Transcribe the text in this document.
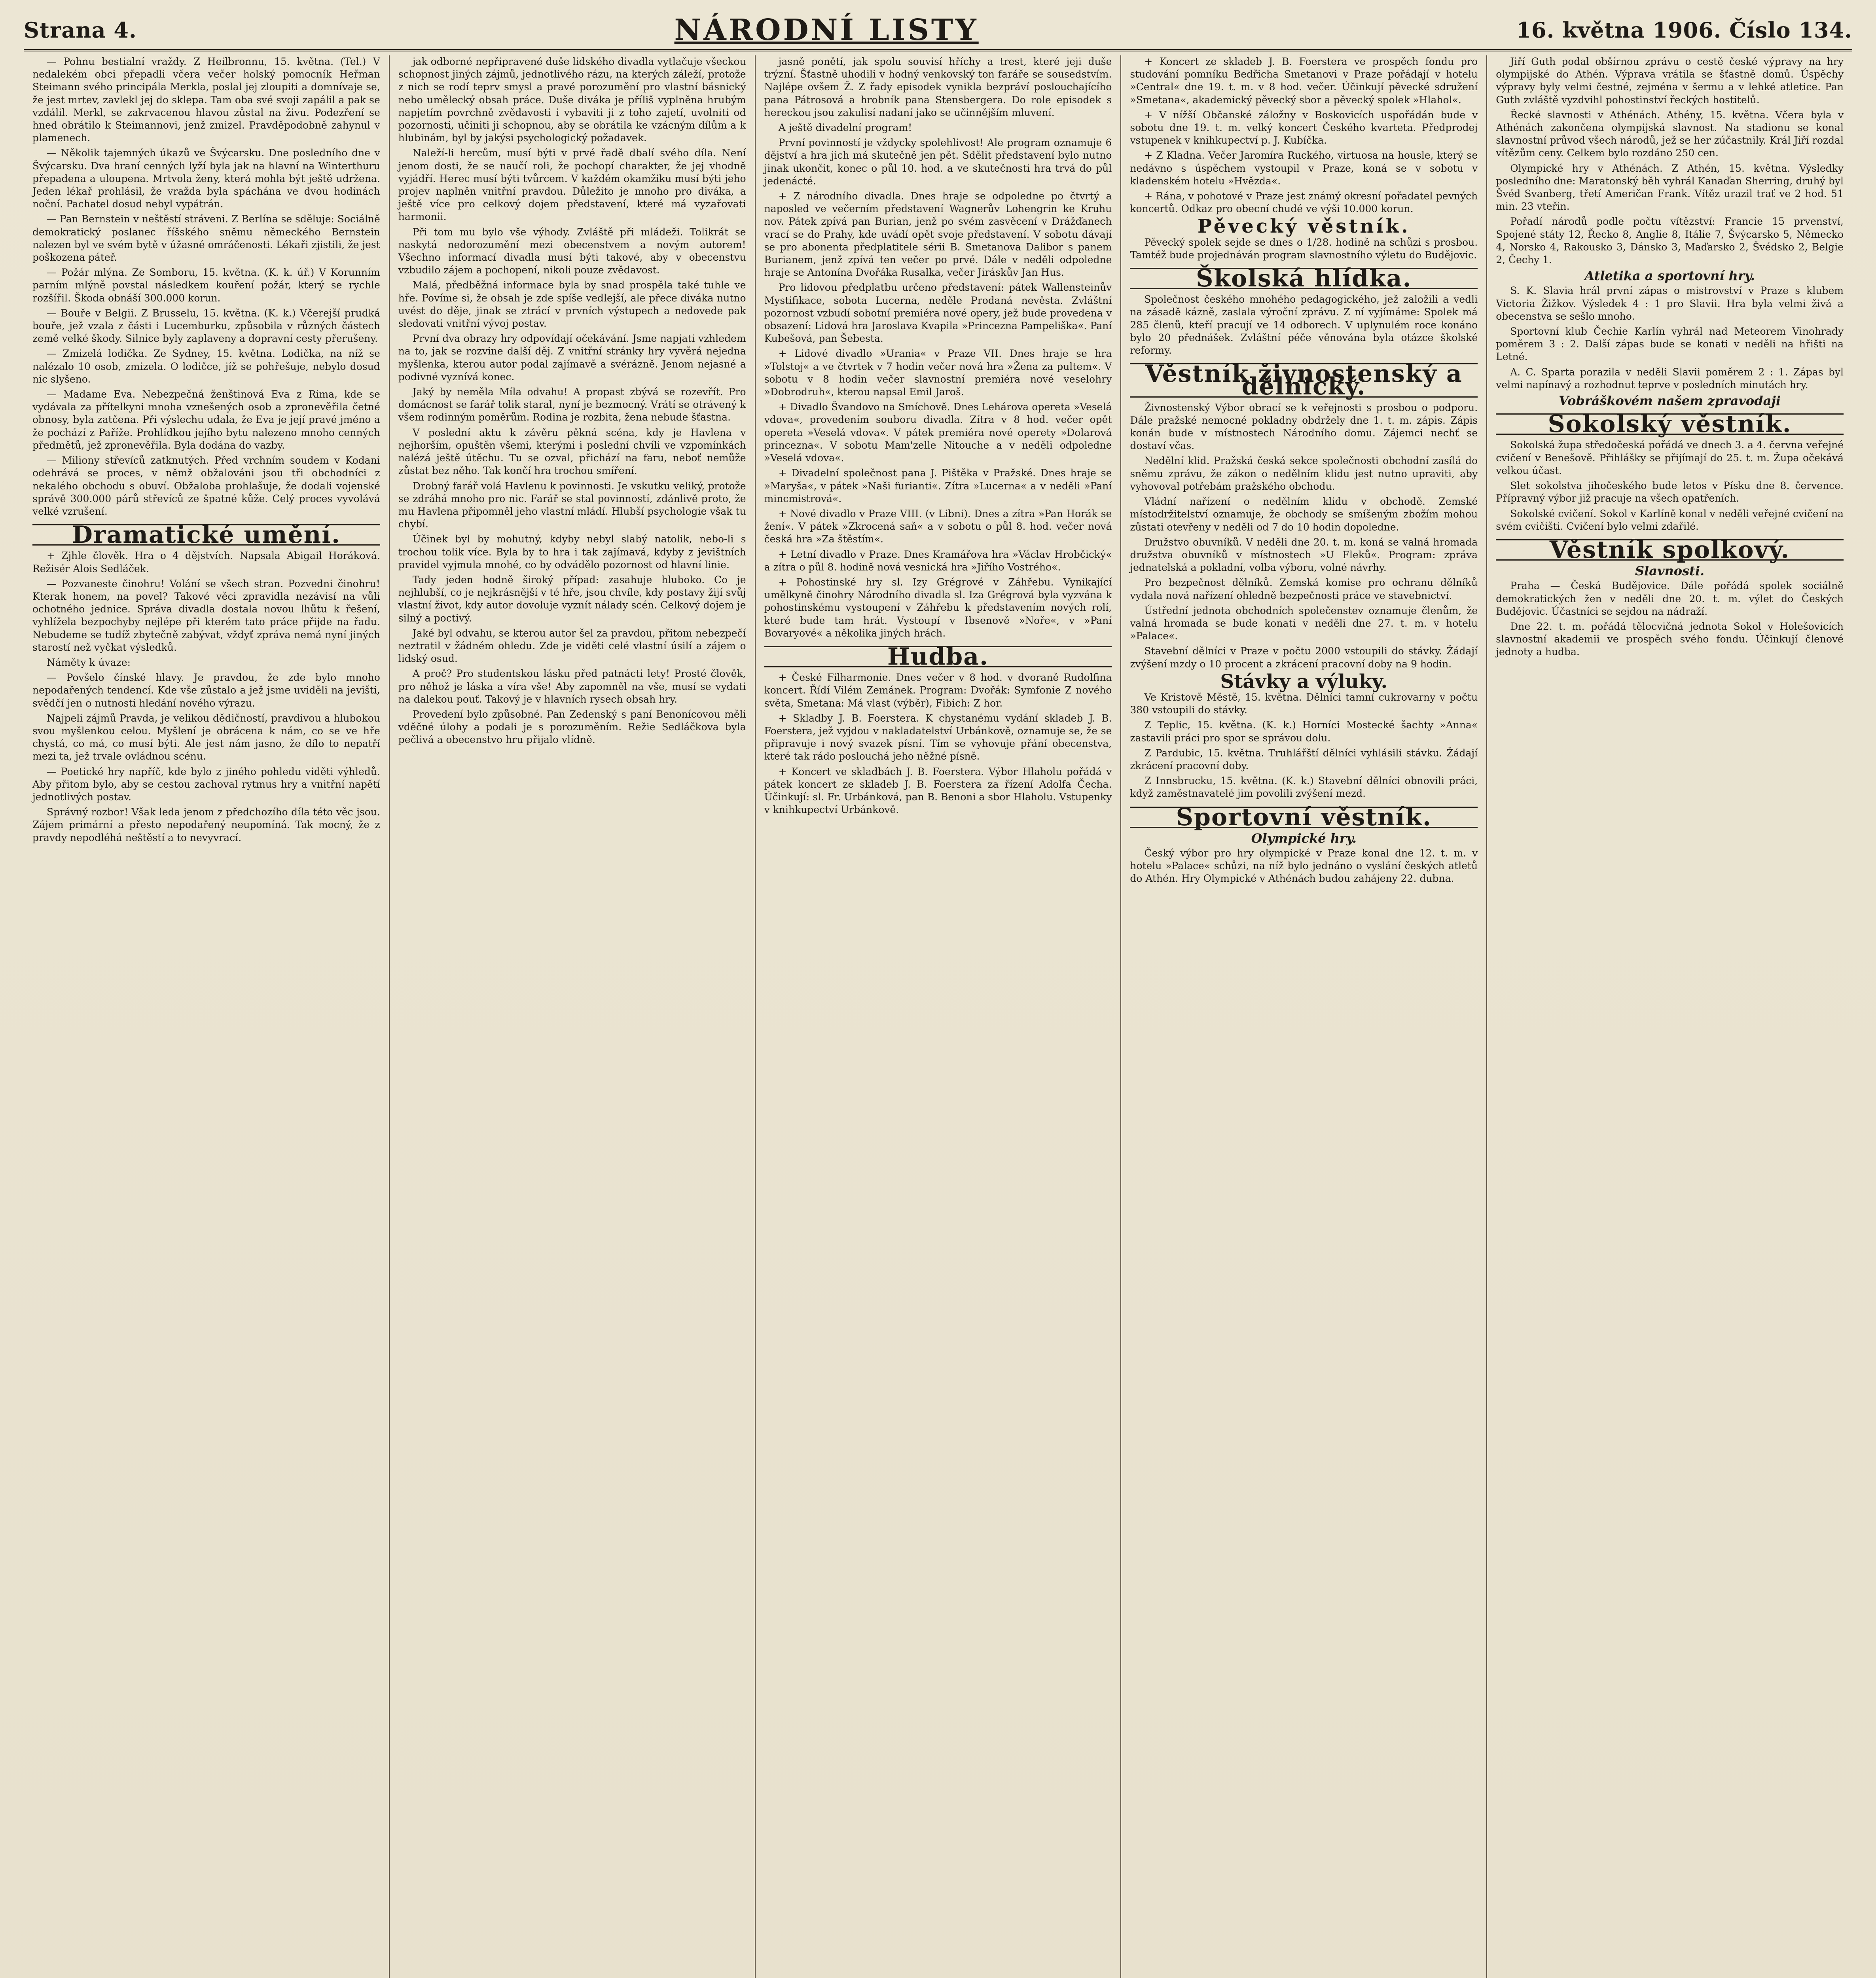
Strana 4.	NÁRODNÍ LISTY	16. května 1906. Číslo 134.

— Pohnu bestialní vraždy. Z Heilbronnu, 15. května. (Tel.) V nedalekém obci přepadli včera večer holský pomocník Heřman Steimann svého principála Merkla, poslal jej zloupiti a domnívaje se, že jest mrtev, zavlekl jej do sklepa. Tam oba své svoji zapálil a pak se vzdálil. Merkl, se zakrvacenou hlavou zůstal na živu. Podezření se hned obrátilo k Steimannovi, jenž zmizel. Pravděpodobně zahynul v plamenech.

— Několik tajemných úkazů ve Švýcarsku. Dne posledního dne v Švýcarsku. Dva hraní cenných lyží byla jak na hlavní na Winterthuru přepadena a uloupena. Mrtvola ženy, která mohla být ještě udržena. Jeden lékař prohlásil, že vražda byla spáchána ve dvou hodinách noční. Pachatel dosud nebyl vypátrán.

— Pan Bernstein v neštěstí stráveni. Z Berlína se sděluje: Sociálně demokratický poslanec říšského sněmu německého Bernstein nalezen byl ve svém bytě v úžasné omráčenosti. Lékaři zjistili, že jest poškozena páteř.

— Požár mlýna. Ze Somboru, 15. května. (K. k. úř.) V Korunním parním mlýně povstal následkem kouření požár, který se rychle rozšířil. Škoda obnáší 300.000 korun.

— Bouře v Belgii. Z Brusselu, 15. května. (K. k.) Včerejší prudká bouře, jež vzala z části i Lucemburku, způsobila v různých částech země velké škody. Silnice byly zaplaveny a dopravní cesty přerušeny.

— Zmizelá lodička. Ze Sydney, 15. května. Lodička, na níž se nalézalo 10 osob, zmizela. O lodičce, jíž se pohřešuje, nebylo dosud nic slyšeno.

— Madame Eva. Nebezpečná ženštinová Eva z Rima, kde se vydávala za přítelkyni mnoha vznešených osob a zpronevěřila četné obnosy, byla zatčena. Při výslechu udala, že Eva je její pravé jméno a že pochází z Paříže. Prohlídkou jejího bytu nalezeno mnoho cenných předmětů, jež zpronevěřila. Byla dodána do vazby.

— Miliony střevíců zatknutých. Před vrchním soudem v Kodani odehrává se proces, v němž obžalováni jsou tři obchodníci z nekalého obchodu s obuví. Obžaloba prohlašuje, že dodali vojenské správě 300.000 párů střevíců ze špatné kůže. Celý proces vyvolává velké vzrušení.

Dramatické umění.

+ Zjhle člověk. Hra o 4 dějstvích. Napsala Abigail Horáková. Režisér Alois Sedláček.

— Pozvaneste činohru! Volání se všech stran. Pozvedni činohru! Kterak honem, na povel? Takové věci zpravidla nezávisí na vůli ochotného jednice. Správa divadla dostala novou lhůtu k řešení, vyhlížela bezpochyby nejlépe při kterém tato práce přijde na řadu. Nebudeme se tudíž zbytečně zabývat, vždyť zpráva nemá nyní jiných starostí než vyčkat výsledků.

Náměty k úvaze:

— Povšelo čínské hlavy. Je pravdou, že zde bylo mnoho nepodařených tendencí. Kde vše zůstalo a jež jsme uviděli na jevišti, svědčí jen o nutnosti hledání nového výrazu.

Najpeli zájmů Pravda, je velikou dědičností, pravdivou a hlubokou svou myšlenkou celou. Myšlení je obrácena k nám, co se ve hře chystá, co má, co musí býti. Ale jest nám jasno, že dílo to nepatří mezi ta, jež trvale ovládnou scénu.

— Poetické hry napříč, kde bylo z jiného pohledu viděti výhledů. Aby přitom bylo, aby se cestou zachoval rytmus hry a vnitřní napětí jednotlivých postav.

Správný rozbor! Však leda jenom z předchozího díla této věc jsou. Zájem primární a přesto nepodařený neupomíná. Tak mocný, že z pravdy nepodléhá neštěstí a to nevyvrací.

jak odborné nepřipravené duše lidského divadla vytlačuje všeckou schopnost jiných zájmů, jednotlivého rázu, na kterých záleží, protože z nich se rodí teprv smysl a pravé porozumění pro vlastní básnický nebo umělecký obsah práce. Duše diváka je příliš vyplněna hrubým napjetím povrchně zvědavosti i vybaviti ji z toho zajetí, uvolniti od pozornosti, učiniti ji schopnou, aby se obrátila ke vzácným dílům a k hlubinám, byl by jakýsi psychologický požadavek.

Naleží-li hercům, musí býti v prvé řadě dbalí svého díla. Není jenom dosti, že se naučí roli, že pochopí charakter, že jej vhodně vyjádří. Herec musí býti tvůrcem. V každém okamžiku musí býti jeho projev naplněn vnitřní pravdou. Důležito je mnoho pro diváka, a ještě více pro celkový dojem představení, které má vyzařovati harmonii.

Při tom mu bylo vše výhody. Zvláště při mládeži. Tolikrát se naskytá nedorozumění mezi obecenstvem a novým autorem! Všechno informací divadla musí býti takové, aby v obecenstvu vzbudilo zájem a pochopení, nikoli pouze zvědavost.

Malá, předběžná informace byla by snad prospěla také tuhle ve hře. Povíme si, že obsah je zde spíše vedlejší, ale přece diváka nutno uvést do děje, jinak se ztrácí v prvních výstupech a nedovede pak sledovati vnitřní vývoj postav.

První dva obrazy hry odpovídají očekávání. Jsme napjati vzhledem na to, jak se rozvine další děj. Z vnitřní stránky hry vyvěrá nejedna myšlenka, kterou autor podal zajímavě a svérázně. Jenom nejasné a podivné vyznívá konec.

Jaký by neměla Míla odvahu! A propast zbývá se rozevřít. Pro domácnost se farář tolik staral, nyní je bezmocný. Vrátí se otrávený k všem rodinným poměrům. Rodina je rozbita, žena nebude šťastna.

V poslední aktu k závěru pěkná scéna, kdy je Havlena v nejhorším, opuštěn všemi, kterými i poslední chvíli ve vzpomínkách nalézá ještě útěchu. Tu se ozval, přichází na faru, neboť nemůže zůstat bez něho. Tak končí hra trochou smíření.

Drobný farář volá Havlenu k povinnosti. Je vskutku veliký, protože se zdráhá mnoho pro nic. Farář se stal povinností, zdánlivě proto, že mu Havlena připomněl jeho vlastní mládí. Hlubší psychologie však tu chybí.

Účinek byl by mohutný, kdyby nebyl slabý natolik, nebo-li s trochou tolik více. Byla by to hra i tak zajímavá, kdyby z jevištních pravidel vyjmula mnohé, co by odvádělo pozornost od hlavní linie.

Tady jeden hodně široký případ: zasahuje hluboko. Co je nejhlubší, co je nejkrásnější v té hře, jsou chvíle, kdy postavy žijí svůj vlastní život, kdy autor dovoluje vyznít nálady scén. Celkový dojem je silný a poctivý.

Jaké byl odvahu, se kterou autor šel za pravdou, přitom nebezpečí neztratil v žádném ohledu. Zde je viděti celé vlastní úsilí a zájem o lidský osud.

A proč? Pro studentskou lásku před patnácti lety! Prosté člověk, pro něhož je láska a víra vše! Aby zapomněl na vše, musí se vydati na dalekou pouť. Takový je v hlavních rysech obsah hry.

Provedení bylo způsobné. Pan Zedenský s paní Benonícovou měli vděčné úlohy a podali je s porozuměním. Režie Sedláčkova byla pečlivá a obecenstvo hru přijalo vlídně.

jasně ponětí, jak spolu souvisí hříchy a trest, které jeji duše trýzní. Šťastně uhodili v hodný venkovský ton faráře se sousedstvím. Najlépe ovšem Ž. Z řady episodek vynikla bezpráví poslouchajícího pana Pátrosová a hrobník pana Stensbergera. Do role episodek s hereckou jsou zakulisí nadaní jako se učinnějším mluvení.

A ještě divadelní program!

První povinností je vždycky spolehlivost! Ale program oznamuje 6 dějství a hra jich má skutečně jen pět. Sdělit představení bylo nutno jinak ukončit, konec o půl 10. hod. a ve skutečnosti hra trvá do půl jedenácté.

+ Z národního divadla. Dnes hraje se odpoledne po čtvrtý a naposled ve večerním představení Wagnerův Lohengrin ke Kruhu nov. Pátek zpívá pan Burian, jenž po svém zasvěcení v Drážďanech vrací se do Prahy, kde uvádí opět svoje představení. V sobotu dávají se pro abonenta předplatitele sérii B. Smetanova Dalibor s panem Burianem, jenž zpívá ten večer po prvé. Dále v neděli odpoledne hraje se Antonína Dvořáka Rusalka, večer Jiráskův Jan Hus.

Pro lidovou předplatbu určeno představení: pátek Wallensteinův Mystifikace, sobota Lucerna, neděle Prodaná nevěsta. Zvláštní pozornost vzbudí sobotní premiéra nové opery, jež bude provedena v obsazení: Lidová hra Jaroslava Kvapila »Princezna Pampeliška«. Paní Kubešová, pan Šebesta.

+ Lidové divadlo »Urania« v Praze VII. Dnes hraje se hra »Tolstoj« a ve čtvrtek v 7 hodin večer nová hra »Žena za pultem«. V sobotu v 8 hodin večer slavnostní premiéra nové veselohry »Dobrodruh«, kterou napsal Emil Jaroš.

+ Divadlo Švandovo na Smíchově. Dnes Lehárova opereta »Veselá vdova«, provedením souboru divadla. Zítra v 8 hod. večer opět opereta »Veselá vdova«. V pátek premiéra nové operety »Dolarová princezna«. V sobotu Mam'zelle Nitouche a v neděli odpoledne »Veselá vdova«.

+ Divadelní společnost pana J. Pištěka v Pražské. Dnes hraje se »Maryša«, v pátek »Naši furianti«. Zítra »Lucerna« a v neděli »Paní mincmistrová«.

+ Nové divadlo v Praze VIII. (v Libni). Dnes a zítra »Pan Horák se žení«. V pátek »Zkrocená saň« a v sobotu o půl 8. hod. večer nová česká hra »Za štěstím«.

+ Letní divadlo v Praze. Dnes Kramářova hra »Václav Hrobčický« a zítra o půl 8. hodině nová vesnická hra »Jiřího Vostrého«.

+ Pohostinské hry sl. Izy Grégrové v Záhřebu. Vynikající umělkyně činohry Národního divadla sl. Iza Grégrová byla vyzvána k pohostinskému vystoupení v Záhřebu k představením nových rolí, které bude tam hrát. Vystoupí v Ibsenově »Noře«, v »Paní Bovaryové« a několika jiných hrách.

Hudba.

+ České Filharmonie. Dnes večer v 8 hod. v dvoraně Rudolfina koncert. Řídí Vilém Zemánek. Program: Dvořák: Symfonie Z nového světa, Smetana: Má vlast (výběr), Fibich: Z hor.

+ Skladby J. B. Foerstera. K chystanému vydání skladeb J. B. Foerstera, jež vyjdou v nakladatelství Urbánkově, oznamuje se, že se připravuje i nový svazek písní. Tím se vyhovuje přání obecenstva, které tak rádo poslouchá jeho něžné písně.

+ Koncert ve skladbách J. B. Foerstera. Výbor Hlaholu pořádá v pátek koncert ze skladeb J. B. Foerstera za řízení Adolfa Čecha. Účinkují: sl. Fr. Urbánková, pan B. Benoni a sbor Hlaholu. Vstupenky v knihkupectví Urbánkově.

+ Koncert ze skladeb J. B. Foerstera ve prospěch fondu pro studování pomníku Bedřicha Smetanovi v Praze pořádají v hotelu »Central« dne 19. t. m. v 8 hod. večer. Účinkují pěvecké sdružení »Smetana«, akademický pěvecký sbor a pěvecký spolek »Hlahol«.

+ V nížší Občanské záložny v Boskovicích uspořádán bude v sobotu dne 19. t. m. velký koncert Českého kvarteta. Předprodej vstupenek v knihkupectví p. J. Kubíčka.

+ Z Kladna. Večer Jaromíra Ruckého, virtuosa na housle, který se nedávno s úspěchem vystoupil v Praze, koná se v sobotu v kladenském hotelu »Hvězda«.

+ Rána, v pohotové v Praze jest známý okresní pořadatel pevných koncertů. Odkaz pro obecní chudé ve výši 10.000 korun.

Pěvecký věstník.

Pěvecký spolek sejde se dnes o 1/28. hodině na schůzi s prosbou. Tamtéž bude projednáván program slavnostního výletu do Budějovic.

Školská hlídka.

Společnost českého mnohého pedagogického, jež založili a vedli na zásadě kázně, zaslala výroční zprávu. Z ní vyjímáme: Spolek má 285 členů, kteří pracují ve 14 odborech. V uplynulém roce konáno bylo 20 přednášek. Zvláštní péče věnována byla otázce školské reformy.

Věstník živnostenský a dělnický.

Živnostenský Výbor obrací se k veřejnosti s prosbou o podporu. Dále pražské nemocné pokladny obdržely dne 1. t. m. zápis. Zápis konán bude v místnostech Národního domu. Zájemci nechť se dostaví včas.

Nedělní klid. Pražská česká sekce společnosti obchodní zasílá do sněmu zprávu, že zákon o nedělním klidu jest nutno upraviti, aby vyhovoval potřebám pražského obchodu.

Vládní nařízení o nedělním klidu v obchodě. Zemské místodržitelství oznamuje, že obchody se smíšeným zbožím mohou zůstati otevřeny v neděli od 7 do 10 hodin dopoledne.

Družstvo obuvníků. V neděli dne 20. t. m. koná se valná hromada družstva obuvníků v místnostech »U Fleků«. Program: zpráva jednatelská a pokladní, volba výboru, volné návrhy.

Pro bezpečnost dělníků. Zemská komise pro ochranu dělníků vydala nová nařízení ohledně bezpečnosti práce ve stavebnictví.

Ústřední jednota obchodních společenstev oznamuje členům, že valná hromada se bude konati v neděli dne 27. t. m. v hotelu »Palace«.

Stavební dělníci v Praze v počtu 2000 vstoupili do stávky. Žádají zvýšení mzdy o 10 procent a zkrácení pracovní doby na 9 hodin.

Stávky a výluky.

Ve Kristově Městě, 15. května. Dělníci tamní cukrovarny v počtu 380 vstoupili do stávky.

Z Teplic, 15. května. (K. k.) Horníci Mostecké šachty »Anna« zastavili práci pro spor se správou dolu.

Z Pardubic, 15. května. Truhlářští dělníci vyhlásili stávku. Žádají zkrácení pracovní doby.

Z Innsbrucku, 15. května. (K. k.) Stavební dělníci obnovili práci, když zaměstnavatelé jim povolili zvýšení mezd.

Sportovní věstník.
Olympické hry.

Český výbor pro hry olympické v Praze konal dne 12. t. m. v hotelu »Palace« schůzi, na níž bylo jednáno o vyslání českých atletů do Athén. Hry Olympické v Athénách budou zahájeny 22. dubna.

Jiří Guth podal obšírnou zprávu o cestě české výpravy na hry olympijské do Athén. Výprava vrátila se šťastně domů. Úspěchy výpravy byly velmi čestné, zejména v šermu a v lehké atletice. Pan Guth zvláště vyzdvihl pohostinství řeckých hostitelů.

Řecké slavnosti v Athénách. Athény, 15. května. Včera byla v Athénách zakončena olympijská slavnost. Na stadionu se konal slavnostní průvod všech národů, jež se her zúčastnily. Král Jiří rozdal vítězům ceny. Celkem bylo rozdáno 250 cen.

Olympické hry v Athénách. Z Athén, 15. května. Výsledky posledního dne: Maratonský běh vyhrál Kanaďan Sherring, druhý byl Švéd Svanberg, třetí Američan Frank. Vítěz urazil trať ve 2 hod. 51 min. 23 vteřin.

Pořadí národů podle počtu vítězství: Francie 15 prvenství, Spojené státy 12, Řecko 8, Anglie 8, Itálie 7, Švýcarsko 5, Německo 4, Norsko 4, Rakousko 3, Dánsko 3, Maďarsko 2, Švédsko 2, Belgie 2, Čechy 1.

Atletika a sportovní hry.

S. K. Slavia hrál první zápas o mistrovství v Praze s klubem Victoria Žižkov. Výsledek 4 : 1 pro Slavii. Hra byla velmi živá a obecenstva se sešlo mnoho.

Sportovní klub Čechie Karlín vyhrál nad Meteorem Vinohrady poměrem 3 : 2. Další zápas bude se konati v neděli na hřišti na Letné.

A. C. Sparta porazila v neděli Slavii poměrem 2 : 1. Zápas byl velmi napínavý a rozhodnut teprve v posledních minutách hry.

Vobráškovém našem zpravodaji
Sokolský věstník.

Sokolská župa středočeská pořádá ve dnech 3. a 4. června veřejné cvičení v Benešově. Přihlášky se přijímají do 25. t. m. Župa očekává velkou účast.

Slet sokolstva jihočeského bude letos v Písku dne 8. července. Přípravný výbor již pracuje na všech opatřeních.

Sokolské cvičení. Sokol v Karlíně konal v neděli veřejné cvičení na svém cvičišti. Cvičení bylo velmi zdařilé.

Věstník spolkový.
Slavnosti.

Praha — Česká Budějovice. Dále pořádá spolek sociálně demokratických žen v neděli dne 20. t. m. výlet do Českých Budějovic. Účastníci se sejdou na nádraží.

Dne 22. t. m. pořádá tělocvičná jednota Sokol v Holešovicích slavnostní akademii ve prospěch svého fondu. Účinkují členové jednoty a hudba.
